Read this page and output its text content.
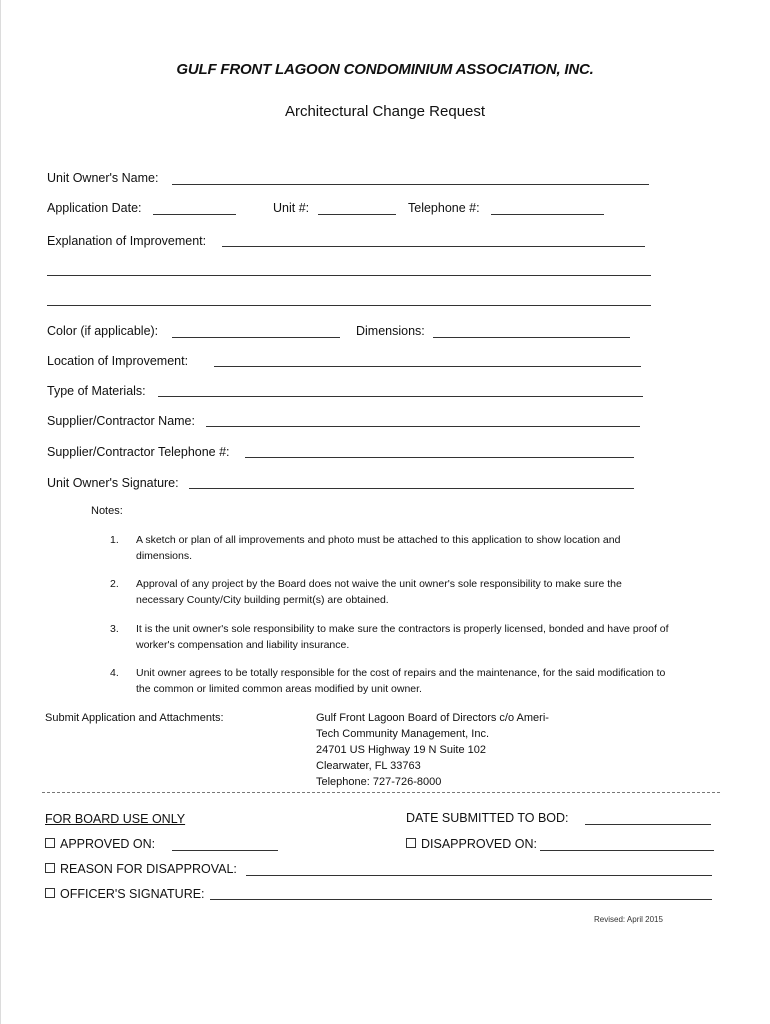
GULF FRONT LAGOON CONDOMINIUM ASSOCIATION, INC.
Architectural Change Request
Unit Owner's Name:
Application Date:	Unit #:	Telephone #:
Explanation of Improvement:
Color (if applicable):	Dimensions:
Location of Improvement:
Type of Materials:
Supplier/Contractor Name:
Supplier/Contractor Telephone #:
Unit Owner's Signature:
Notes:
1.	A sketch or plan of all improvements and photo must be attached to this application to show location and dimensions.
2.	Approval of any project by the Board does not waive the unit owner's sole responsibility to make sure the necessary County/City building permit(s) are obtained.
3.	It is the unit owner's sole responsibility to make sure the contractors is properly licensed, bonded and have proof of worker's compensation and liability insurance.
4.	Unit owner agrees to be totally responsible for the cost of repairs and the maintenance, for the said modification to the common or limited common areas modified by unit owner.
Submit Application and Attachments:	Gulf Front Lagoon Board of Directors c/o Ameri-
Tech Community Management, Inc.
24701 US Highway 19 N Suite 102
Clearwater, FL 33763
Telephone: 727-726-8000
FOR BOARD USE ONLY	DATE SUBMITTED TO BOD:
APPROVED ON:	DISAPPROVED ON:
REASON FOR DISAPPROVAL:
OFFICER'S SIGNATURE:
Revised: April 2015
